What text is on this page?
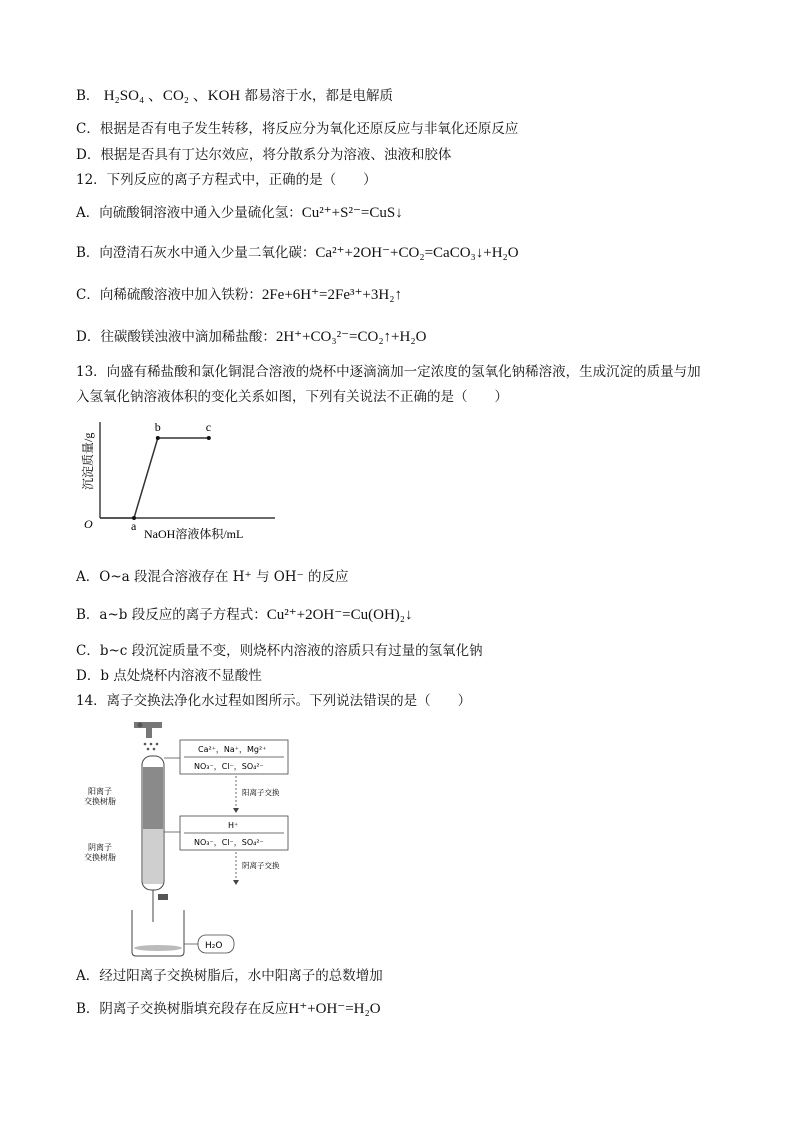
B． H₂SO₄ 、CO₂ 、KOH 都易溶于水，都是电解质
C．根据是否有电子发生转移，将反应分为氧化还原反应与非氧化还原反应
D．根据是否具有丁达尔效应，将分散系分为溶液、浊液和胶体
12．下列反应的离子方程式中，正确的是（　　）
A．向硫酸铜溶液中通入少量硫化氢：Cu²⁺+S²⁻=CuS↓
B．向澄清石灰水中通入少量二氧化碳：Ca²⁺+2OH⁻+CO₂=CaCO₃↓+H₂O
C．向稀硫酸溶液中加入铁粉：2Fe+6H⁺=2Fe³⁺+3H₂↑
D．往碳酸镁浊液中滴加稀盐酸：2H⁺+CO₃²⁻=CO₂↑+H₂O
13．向盛有稀盐酸和氯化铜混合溶液的烧杯中逐滴滴加一定浓度的氢氧化钠稀溶液，生成沉淀的质量与加
入氢氧化钠溶液体积的变化关系如图，下列有关说法不正确的是（　　）
沉淀质量/g
O
NaOH溶液体积/mL
a
b	c
A．O~a 段混合溶液存在 H⁺ 与 OH⁻ 的反应
B．a~b 段反应的离子方程式：Cu²⁺+2OH⁻=Cu(OH)₂↓
C．b~c 段沉淀质量不变，则烧杯内溶液的溶质只有过量的氢氧化钠
D．b 点处烧杯内溶液不显酸性
14．离子交换法净化水过程如图所示。下列说法错误的是（　　）
阳离子
交换树脂
阴离子
交换树脂
Ca²⁺，Na⁺，Mg²⁺
NO₃⁻，Cl⁻，SO₄²⁻
阳离子交换
H⁺
NO₃⁻，Cl⁻，SO₄²⁻
阴离子交换
H₂O
A．经过阳离子交换树脂后，水中阳离子的总数增加
B．阴离子交换树脂填充段存在反应H⁺+OH⁻=H₂O
